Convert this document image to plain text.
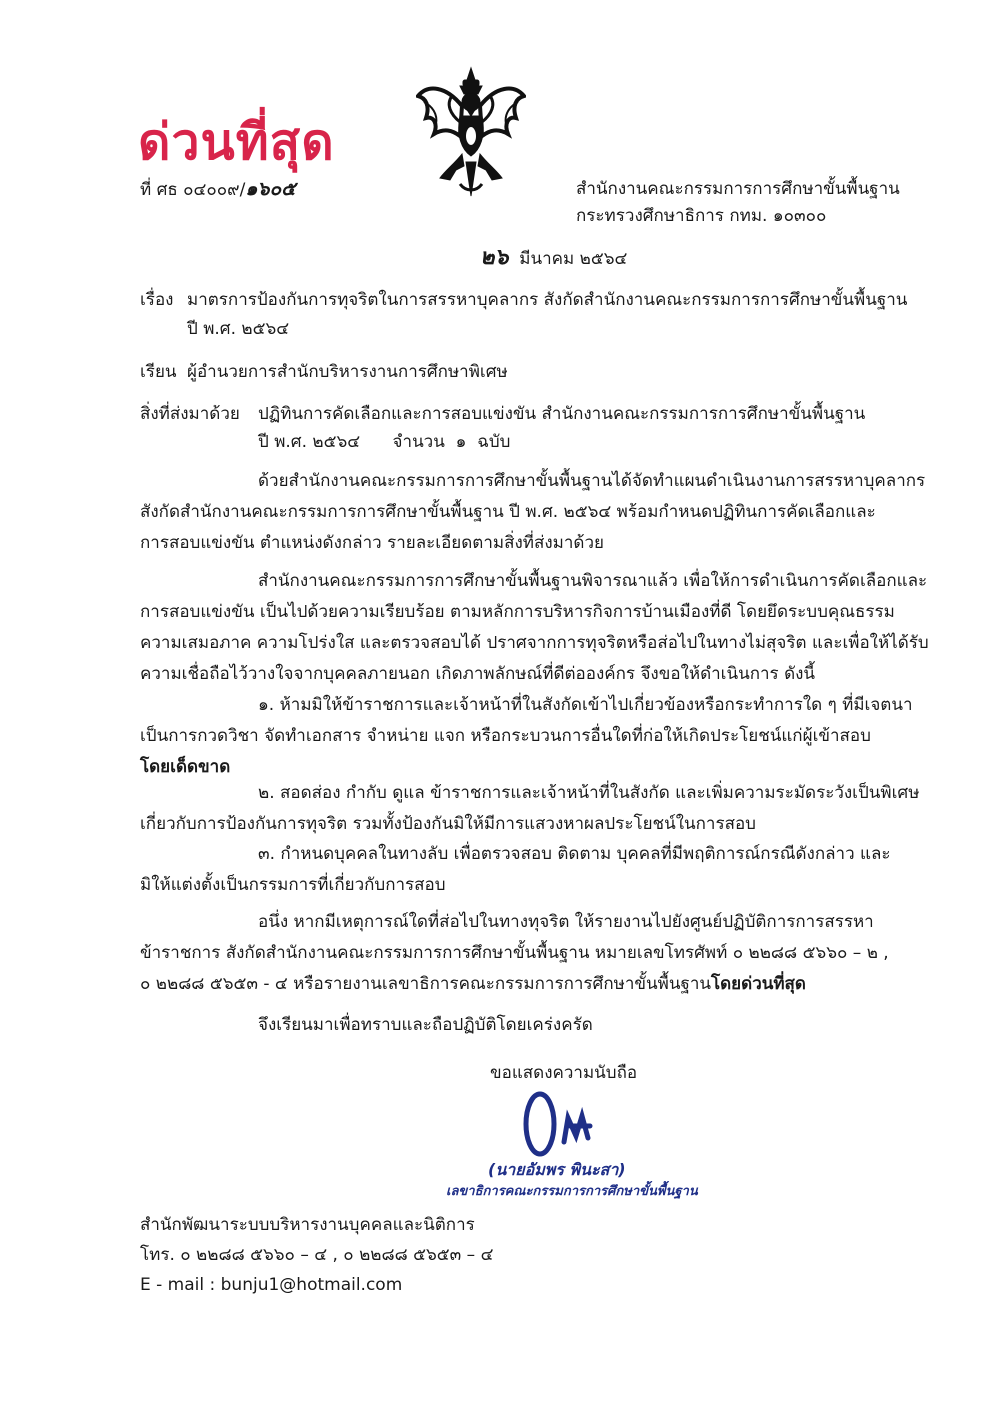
ด่วนที่สุด
ที่ ศธ ๐๔๐๐๙/๑๖๐๕	สำนักงานคณะกรรมการการศึกษาขั้นพื้นฐาน
กระทรวงศึกษาธิการ กทม. ๑๐๓๐๐
๒๖ มีนาคม ๒๕๖๔
เรื่อง มาตรการป้องกันการทุจริตในการสรรหาบุคลากร สังกัดสำนักงานคณะกรรมการการศึกษาขั้นพื้นฐาน
ปี พ.ศ. ๒๕๖๔
เรียน ผู้อำนวยการสำนักบริหารงานการศึกษาพิเศษ
สิ่งที่ส่งมาด้วย ปฏิทินการคัดเลือกและการสอบแข่งขัน สำนักงานคณะกรรมการการศึกษาขั้นพื้นฐาน
ปี พ.ศ. ๒๕๖๔      จำนวน  ๑  ฉบับ
ด้วยสำนักงานคณะกรรมการการศึกษาขั้นพื้นฐานได้จัดทำแผนดำเนินงานการสรรหาบุคลากร
สังกัดสำนักงานคณะกรรมการการศึกษาขั้นพื้นฐาน ปี พ.ศ. ๒๕๖๔ พร้อมกำหนดปฏิทินการคัดเลือกและ
การสอบแข่งขัน ตำแหน่งดังกล่าว รายละเอียดตามสิ่งที่ส่งมาด้วย
สำนักงานคณะกรรมการการศึกษาขั้นพื้นฐานพิจารณาแล้ว เพื่อให้การดำเนินการคัดเลือกและ
การสอบแข่งขัน เป็นไปด้วยความเรียบร้อย ตามหลักการบริหารกิจการบ้านเมืองที่ดี โดยยึดระบบคุณธรรม
ความเสมอภาค ความโปร่งใส และตรวจสอบได้ ปราศจากการทุจริตหรือส่อไปในทางไม่สุจริต และเพื่อให้ได้รับ
ความเชื่อถือไว้วางใจจากบุคคลภายนอก เกิดภาพลักษณ์ที่ดีต่อองค์กร จึงขอให้ดำเนินการ ดังนี้
๑. ห้ามมิให้ข้าราชการและเจ้าหน้าที่ในสังกัดเข้าไปเกี่ยวข้องหรือกระทำการใด ๆ ที่มีเจตนา
เป็นการกวดวิชา จัดทำเอกสาร จำหน่าย แจก หรือกระบวนการอื่นใดที่ก่อให้เกิดประโยชน์แก่ผู้เข้าสอบ
โดยเด็ดขาด
๒. สอดส่อง กำกับ ดูแล ข้าราชการและเจ้าหน้าที่ในสังกัด และเพิ่มความระมัดระวังเป็นพิเศษ
เกี่ยวกับการป้องกันการทุจริต รวมทั้งป้องกันมิให้มีการแสวงหาผลประโยชน์ในการสอบ
๓. กำหนดบุคคลในทางลับ เพื่อตรวจสอบ ติดตาม บุคคลที่มีพฤติการณ์กรณีดังกล่าว และ
มิให้แต่งตั้งเป็นกรรมการที่เกี่ยวกับการสอบ
อนึ่ง หากมีเหตุการณ์ใดที่ส่อไปในทางทุจริต ให้รายงานไปยังศูนย์ปฏิบัติการการสรรหา
ข้าราชการ สังกัดสำนักงานคณะกรรมการการศึกษาขั้นพื้นฐาน หมายเลขโทรศัพท์ ๐ ๒๒๘๘ ๕๖๖๐ – ๒ ,
๐ ๒๒๘๘ ๕๖๕๓ - ๔ หรือรายงานเลขาธิการคณะกรรมการการศึกษาขั้นพื้นฐานโดยด่วนที่สุด
จึงเรียนมาเพื่อทราบและถือปฏิบัติโดยเคร่งครัด
ขอแสดงความนับถือ
(นายอัมพร พินะสา)
เลขาธิการคณะกรรมการการศึกษาขั้นพื้นฐาน
สำนักพัฒนาระบบบริหารงานบุคคลและนิติการ
โทร. ๐ ๒๒๘๘ ๕๖๖๐ – ๔ , ๐ ๒๒๘๘ ๕๖๕๓ – ๔
E - mail : bunju1@hotmail.com
